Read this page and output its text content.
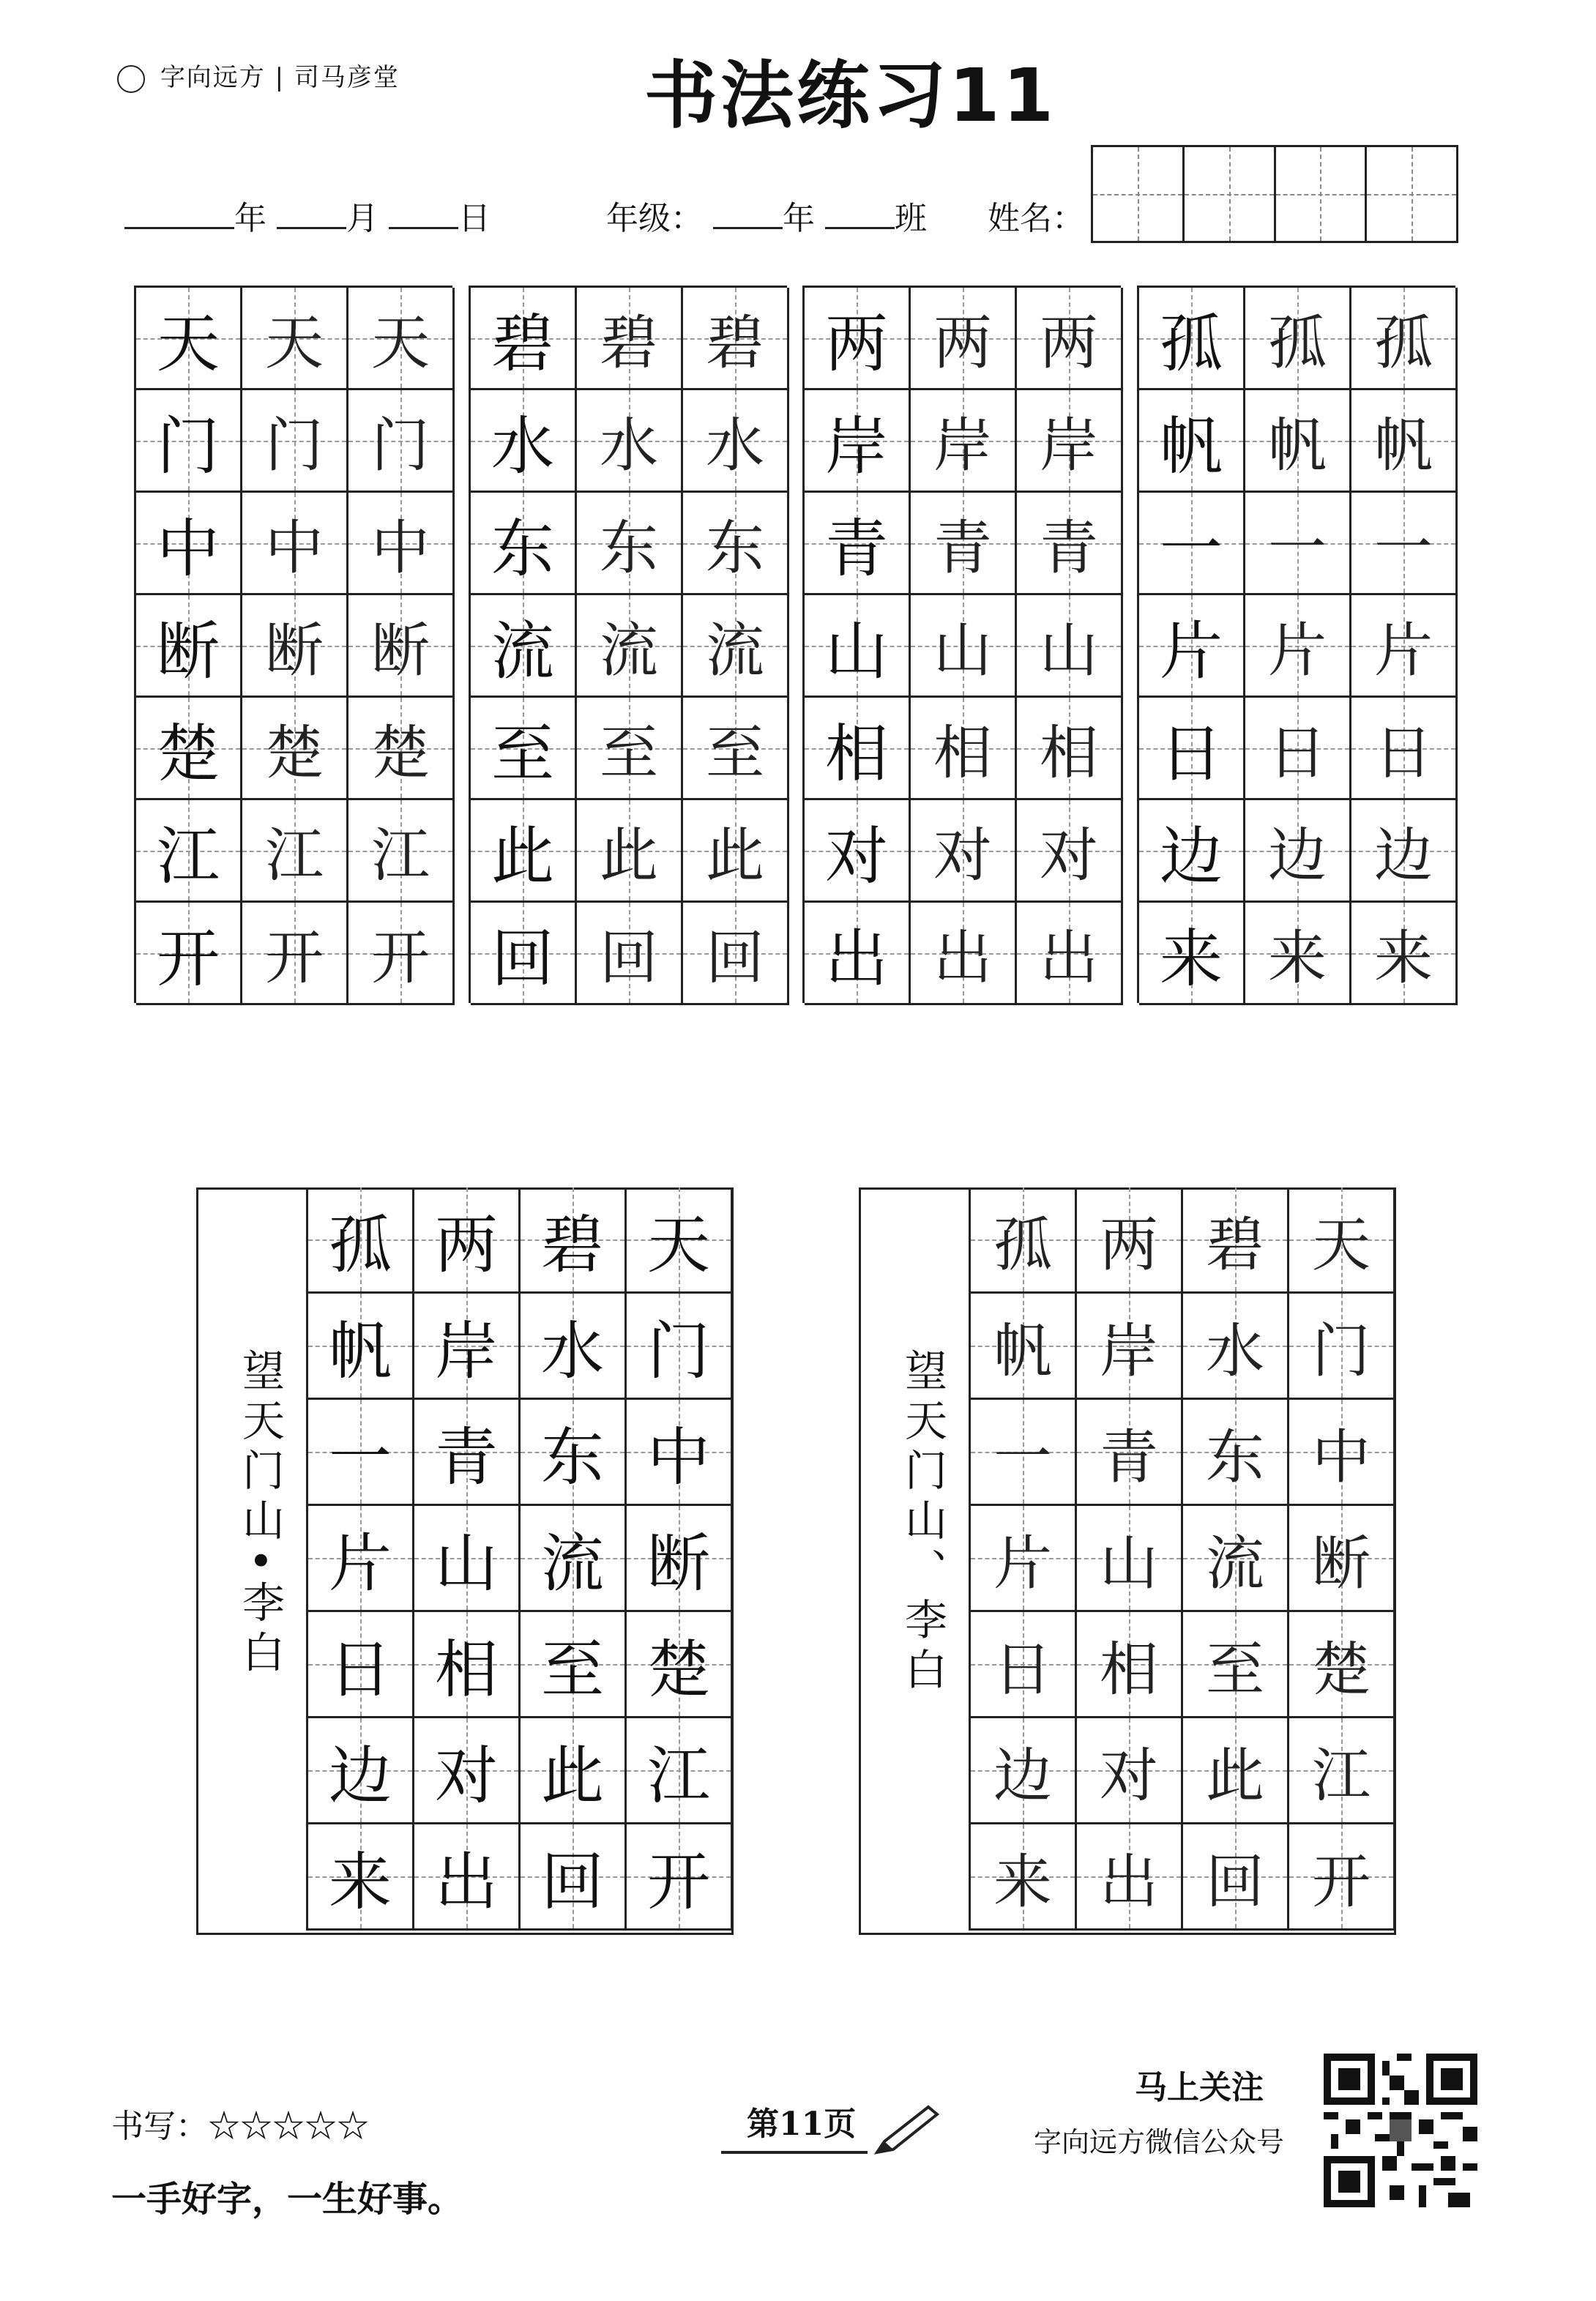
字向远方 | 司马彦堂	书法练习11
年 月 日	年级： 年 班 姓名：
天 天 天
门 门 门
中 中 中
断 断 断
楚 楚 楚
江 江 江
开 开 开
碧 碧 碧
水 水 水
东 东 东
流 流 流
至 至 至
此 此 此
回 回 回
两 两 两
岸 岸 岸
青 青 青
山 山 山
相 相 相
对 对 对
出 出 出
孤 孤 孤
帆 帆 帆
一 一 一
片 片 片
日 日 日
边 边 边
来 来 来
望天门山•李白
孤 两 碧 天
帆 岸 水 门
一 青 东 中
片 山 流 断
日 相 至 楚
边 对 此 江
来 出 回 开
望天门山、李白
孤 两 碧 天
帆 岸 水 门
一 青 东 中
片 山 流 断
日 相 至 楚
边 对 此 江
来 出 回 开
书写：☆☆☆☆☆
一手好字，一生好事。
第11页
马上关注
字向远方微信公众号
